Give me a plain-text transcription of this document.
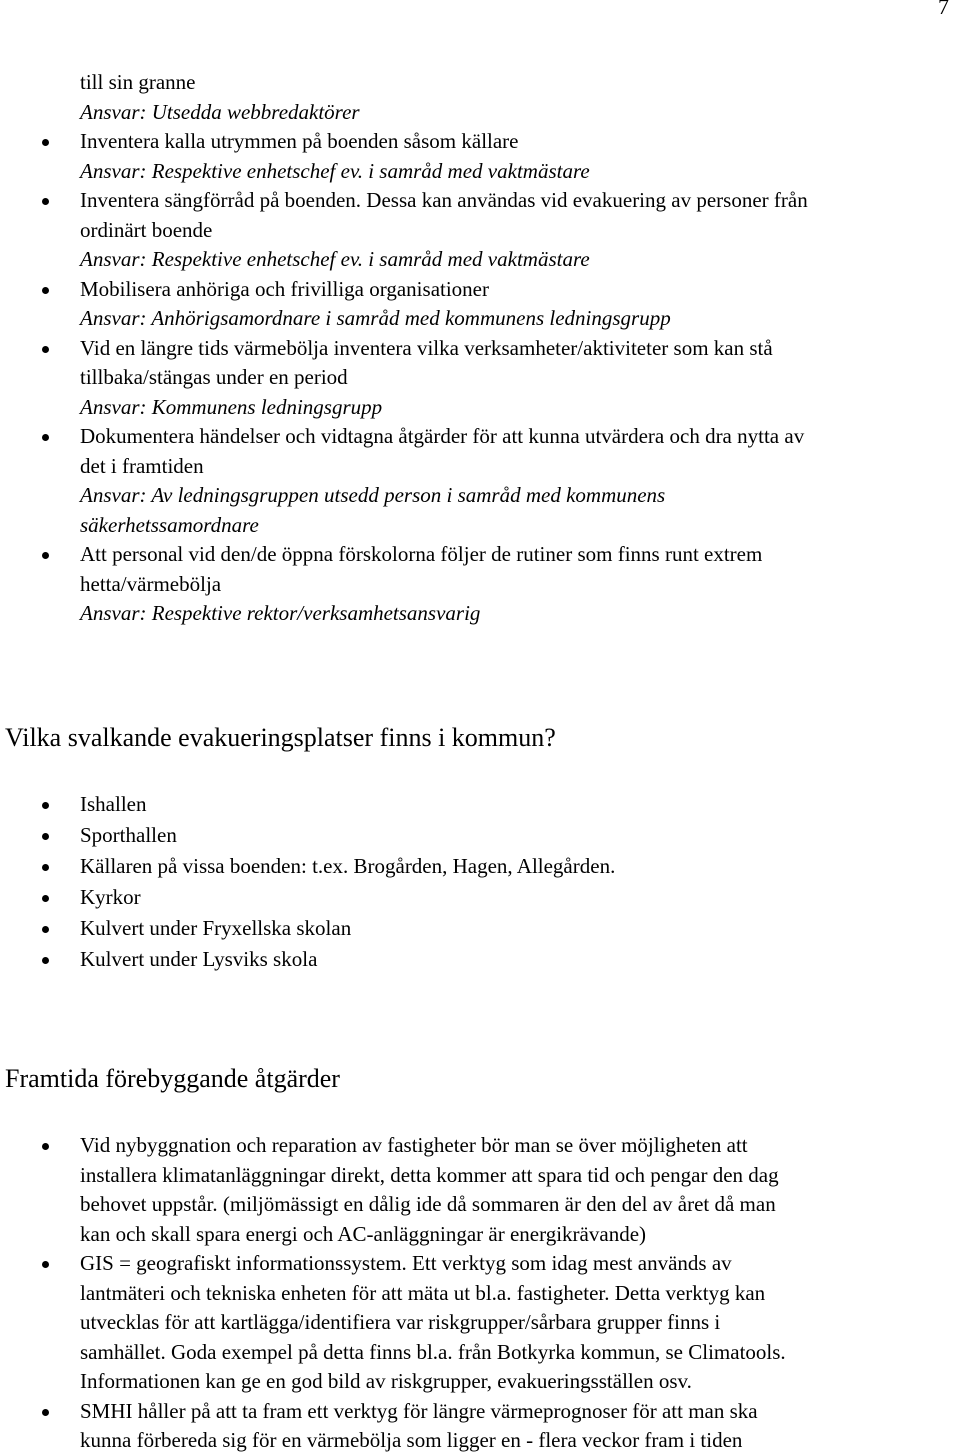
7
till sin granne
Ansvar: Utsedda webbredaktörer
Inventera kalla utrymmen på boenden såsom källare
Ansvar: Respektive enhetschef ev. i samråd med vaktmästare
Inventera sängförråd på boenden. Dessa kan användas vid evakuering av personer från
ordinärt boende
Ansvar: Respektive enhetschef ev. i samråd med vaktmästare
Mobilisera anhöriga och frivilliga organisationer
Ansvar: Anhörigsamordnare i samråd med kommunens ledningsgrupp
Vid en längre tids värmebölja inventera vilka verksamheter/aktiviteter som kan stå
tillbaka/stängas under en period
Ansvar: Kommunens ledningsgrupp
Dokumentera händelser och vidtagna åtgärder för att kunna utvärdera och dra nytta av
det i framtiden
Ansvar: Av ledningsgruppen utsedd person i samråd med kommunens
säkerhetssamordnare
Att personal vid den/de öppna förskolorna följer de rutiner som finns runt extrem
hetta/värmebölja
Ansvar: Respektive rektor/verksamhetsansvarig
Vilka svalkande evakueringsplatser finns i kommun?
Ishallen
Sporthallen
Källaren på vissa boenden: t.ex. Brogården, Hagen, Allegården.
Kyrkor
Kulvert under Fryxellska skolan
Kulvert under Lysviks skola
Framtida förebyggande åtgärder
Vid nybyggnation och reparation av fastigheter bör man se över möjligheten att
installera klimatanläggningar direkt, detta kommer att spara tid och pengar den dag
behovet uppstår. (miljömässigt en dålig ide då sommaren är den del av året då man
kan och skall spara energi och AC-anläggningar är energikrävande)
GIS = geografiskt informationssystem. Ett verktyg som idag mest används av
lantmäteri och tekniska enheten för att mäta ut bl.a. fastigheter. Detta verktyg kan
utvecklas för att kartlägga/identifiera var riskgrupper/sårbara grupper finns i
samhället. Goda exempel på detta finns bl.a. från Botkyrka kommun, se Climatools.
Informationen kan ge en god bild av riskgrupper, evakueringsställen osv.
SMHI håller på att ta fram ett verktyg för längre värmeprognoser för att man ska
kunna förbereda sig för en värmebölja som ligger en - flera veckor fram i tiden
